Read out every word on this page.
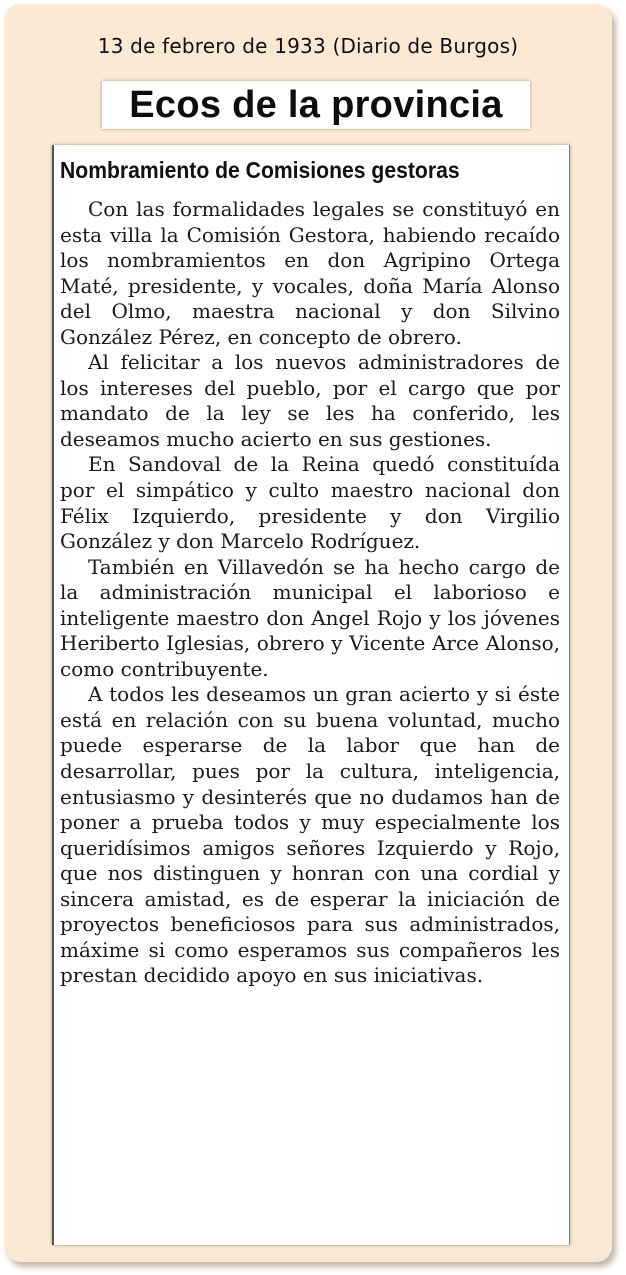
13 de febrero de 1933 (Diario de Burgos)
Ecos de la provincia
Nombramiento de Comisiones gestoras

Con las formalidades legales se constituyó en esta villa la Comisión Gestora, habiendo recaído los nombramientos en don Agripino Ortega Maté, presidente, y vocales, doña María Alonso del Olmo, maestra nacional y don Silvino González Pérez, en concepto de obrero.

Al felicitar a los nuevos administradores de los intereses del pueblo, por el cargo que por mandato de la ley se les ha conferido, les deseamos mucho acierto en sus gestiones.

En Sandoval de la Reina quedó constituída por el simpático y culto maestro nacional don Félix Izquierdo, presidente y don Virgilio González y don Marcelo Rodríguez.

También en Villavedón se ha hecho cargo de la administración municipal el laborioso e inteligente maestro don Angel Rojo y los jóvenes Heriberto Iglesias, obrero y Vicente Arce Alonso, como contribuyente.

A todos les deseamos un gran acierto y si éste está en relación con su buena voluntad, mucho puede esperarse de la labor que han de desarrollar, pues por la cultura, inteligencia, entusiasmo y desinterés que no dudamos han de poner a prueba todos y muy especialmente los queridísimos amigos señores Izquierdo y Rojo, que nos distinguen y honran con una cordial y sincera amistad, es de esperar la iniciación de proyectos beneficiosos para sus administrados, máxime si como esperamos sus compañeros les prestan decidido apoyo en sus iniciativas.
